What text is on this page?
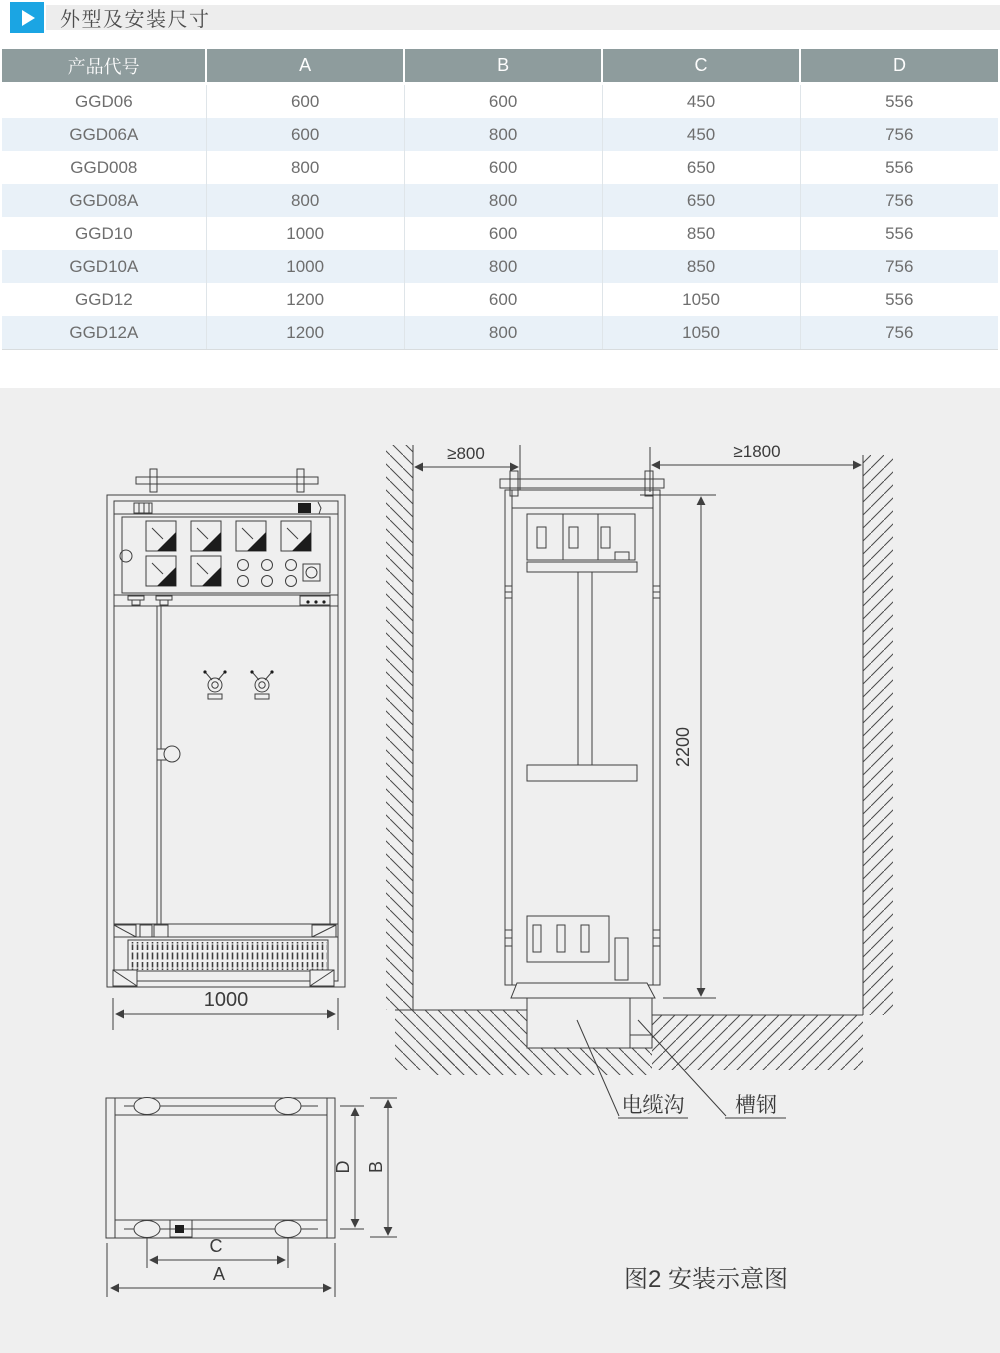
外型及安装尺寸
产品代号	A	B	C	D
GGD06	600	600	450	556
GGD06A	600	800	450	756
GGD008	800	600	650	556
GGD08A	800	800	650	756
GGD10	1000	600	850	556
GGD10A	1000	800	850	756
GGD12	1200	600	1050	556
GGD12A	1200	800	1050	756
1000
≥800	≥1800
2200
电缆沟 槽钢
D B
C
A	图2 安装示意图
